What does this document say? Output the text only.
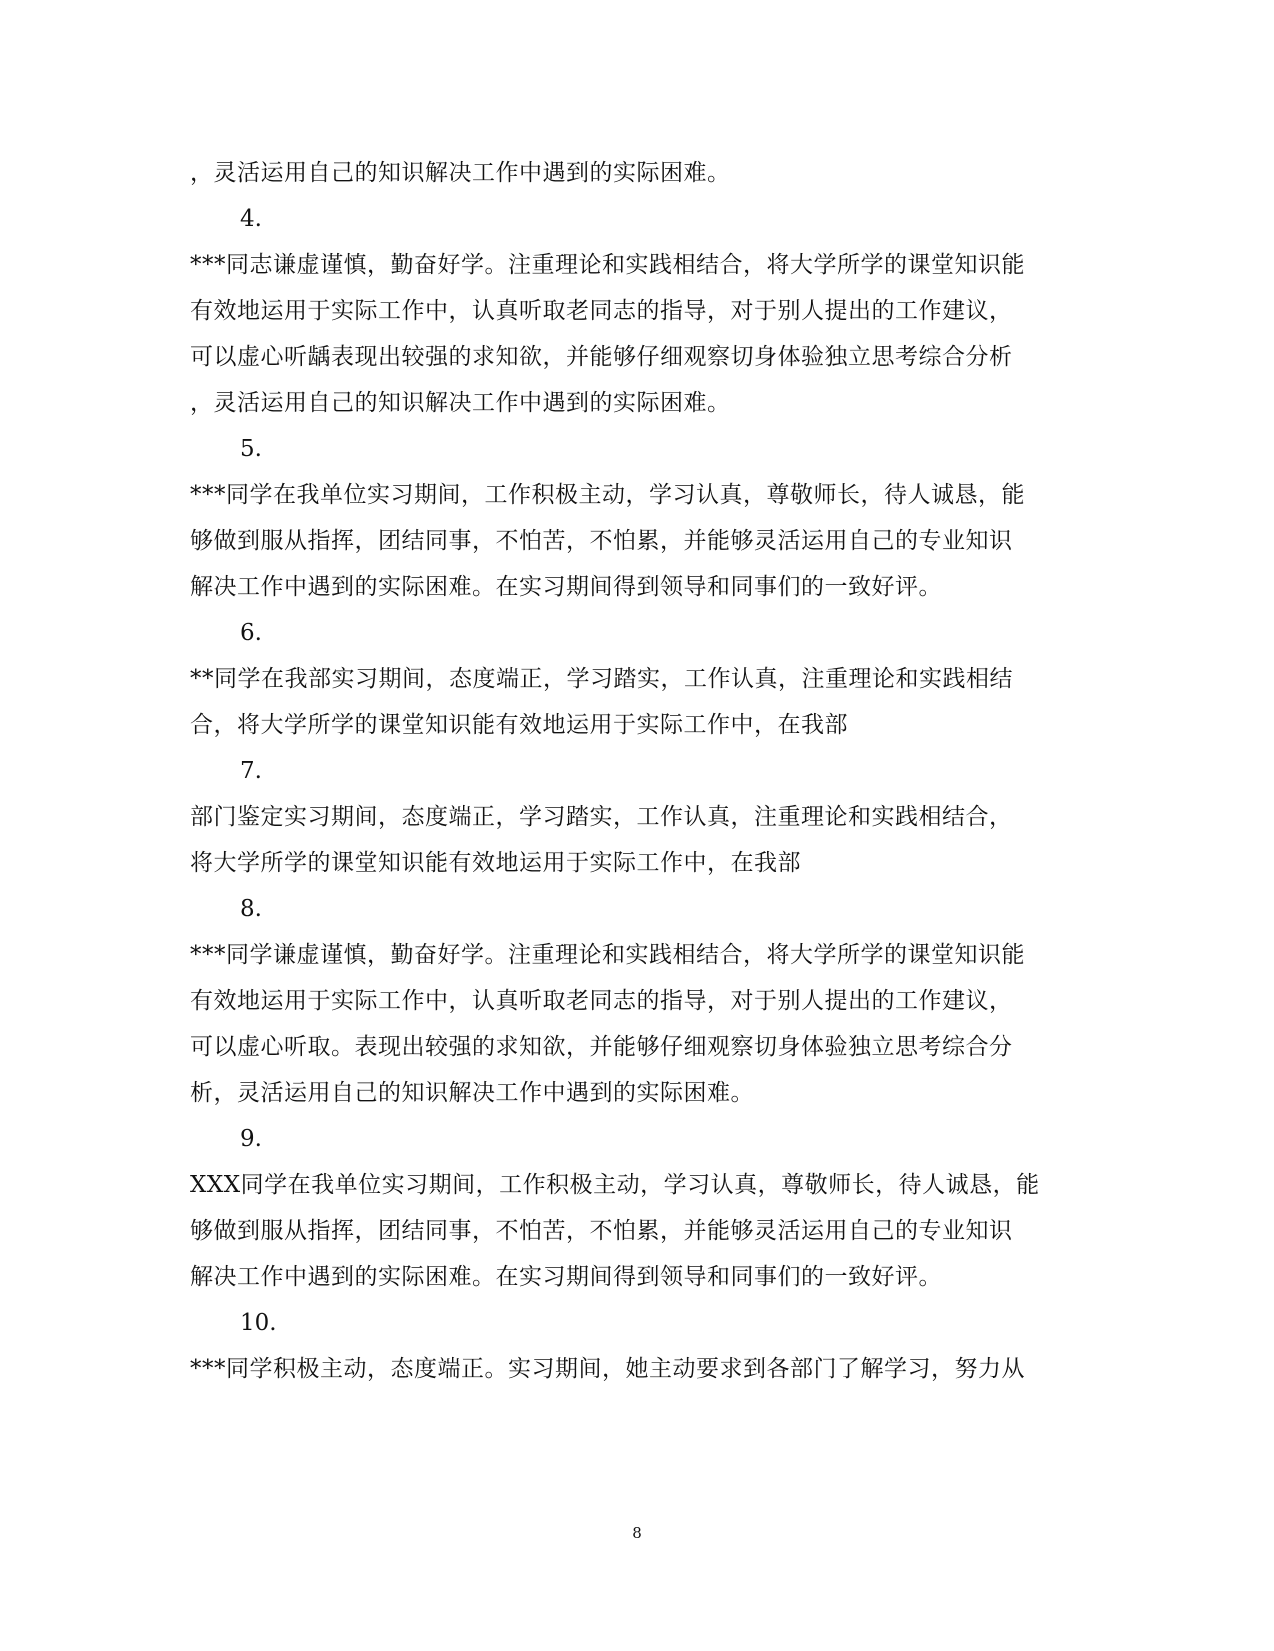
，灵活运用自己的知识解决工作中遇到的实际困难。
4.
***同志谦虚谨慎，勤奋好学。注重理论和实践相结合，将大学所学的课堂知识能
有效地运用于实际工作中，认真听取老同志的指导，对于别人提出的工作建议，
可以虚心听龋表现出较强的求知欲，并能够仔细观察切身体验独立思考综合分析
，灵活运用自己的知识解决工作中遇到的实际困难。
5.
***同学在我单位实习期间，工作积极主动，学习认真，尊敬师长，待人诚恳，能
够做到服从指挥，团结同事，不怕苦，不怕累，并能够灵活运用自己的专业知识
解决工作中遇到的实际困难。在实习期间得到领导和同事们的一致好评。
6.
**同学在我部实习期间，态度端正，学习踏实，工作认真，注重理论和实践相结
合，将大学所学的课堂知识能有效地运用于实际工作中，在我部
7.
部门鉴定实习期间，态度端正，学习踏实，工作认真，注重理论和实践相结合，
将大学所学的课堂知识能有效地运用于实际工作中，在我部
8.
***同学谦虚谨慎，勤奋好学。注重理论和实践相结合，将大学所学的课堂知识能
有效地运用于实际工作中，认真听取老同志的指导，对于别人提出的工作建议，
可以虚心听取。表现出较强的求知欲，并能够仔细观察切身体验独立思考综合分
析，灵活运用自己的知识解决工作中遇到的实际困难。
9.
XXX同学在我单位实习期间，工作积极主动，学习认真，尊敬师长，待人诚恳，能
够做到服从指挥，团结同事，不怕苦，不怕累，并能够灵活运用自己的专业知识
解决工作中遇到的实际困难。在实习期间得到领导和同事们的一致好评。
10.
***同学积极主动，态度端正。实习期间，她主动要求到各部门了解学习，努力从
8
